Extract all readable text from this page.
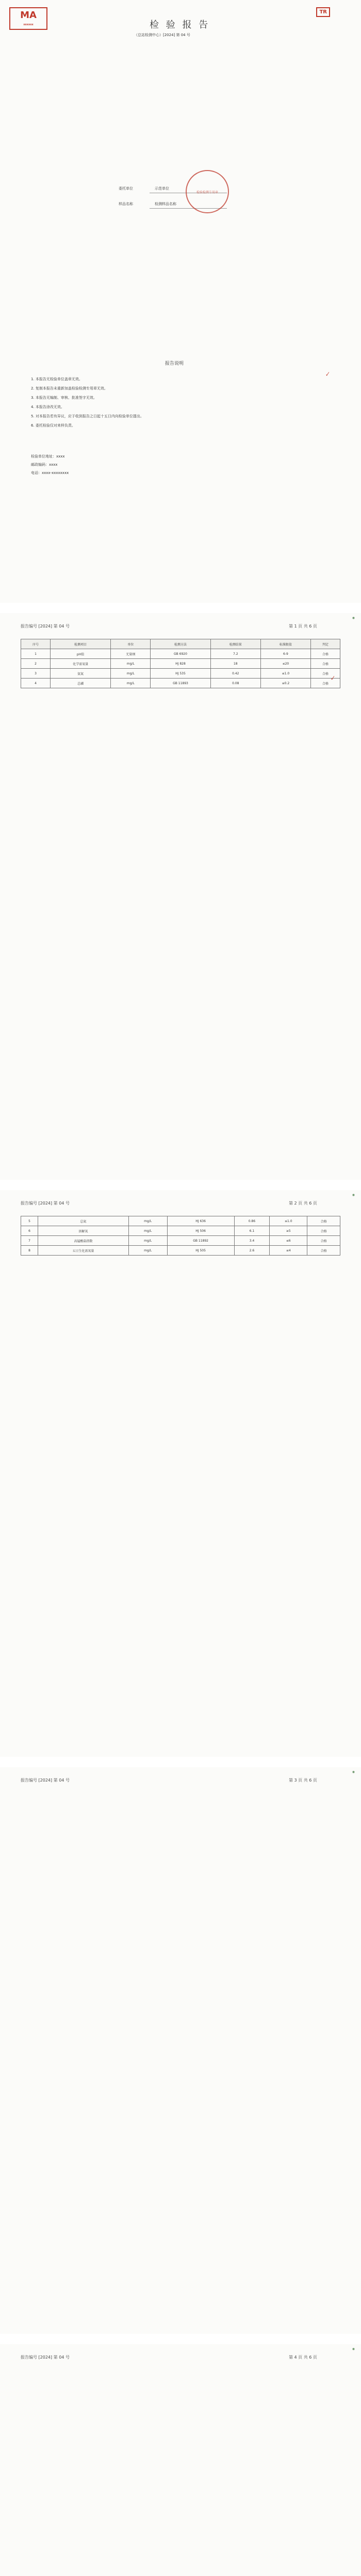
MA
xxxxxx
TR
检 验 报 告
（总站检测中心）[2024] 第 04 号
委托单位	示范单位
样品名称	检测样品名称
检验检测专用章
报告说明
1. 本报告无检验单位盖章无效。
2. 复制本报告未重新加盖检验检测专用章无效。
3. 本报告无编制、审核、批准签字无效。
4. 本报告涂改无效。
5. 对本报告若有异议，应于收到报告之日起十五日内向检验单位提出。
6. 委托检验仅对来样负责。
检验单位地址：xxxx
邮政编码：xxxx
电话：xxxx-xxxxxxxx
✓
报告编号 [2024] 第 04 号	第 1 页 共 6 页
◉
序号	检测项目	单位	检测方法	检测结果	标准限值	判定
1	pH值	无量纲	GB 6920	7.2	6-9	合格
2	化学需氧量	mg/L	HJ 828	18	≤20	合格
3	氨氮	mg/L	HJ 535	0.42	≤1.0	合格
4	总磷	mg/L	GB 11893	0.08	≤0.2	合格
✓
报告编号 [2024] 第 04 号	第 2 页 共 6 页
◉
5	总氮	mg/L	HJ 636	0.86	≤1.0	合格
6	溶解氧	mg/L	HJ 506	6.1	≥5	合格
7	高锰酸盐指数	mg/L	GB 11892	3.4	≤6	合格
8	五日生化需氧量	mg/L	HJ 505	2.6	≤4	合格
报告编号 [2024] 第 04 号	第 3 页 共 6 页
◉
报告编号 [2024] 第 04 号	第 4 页 共 6 页
◉
